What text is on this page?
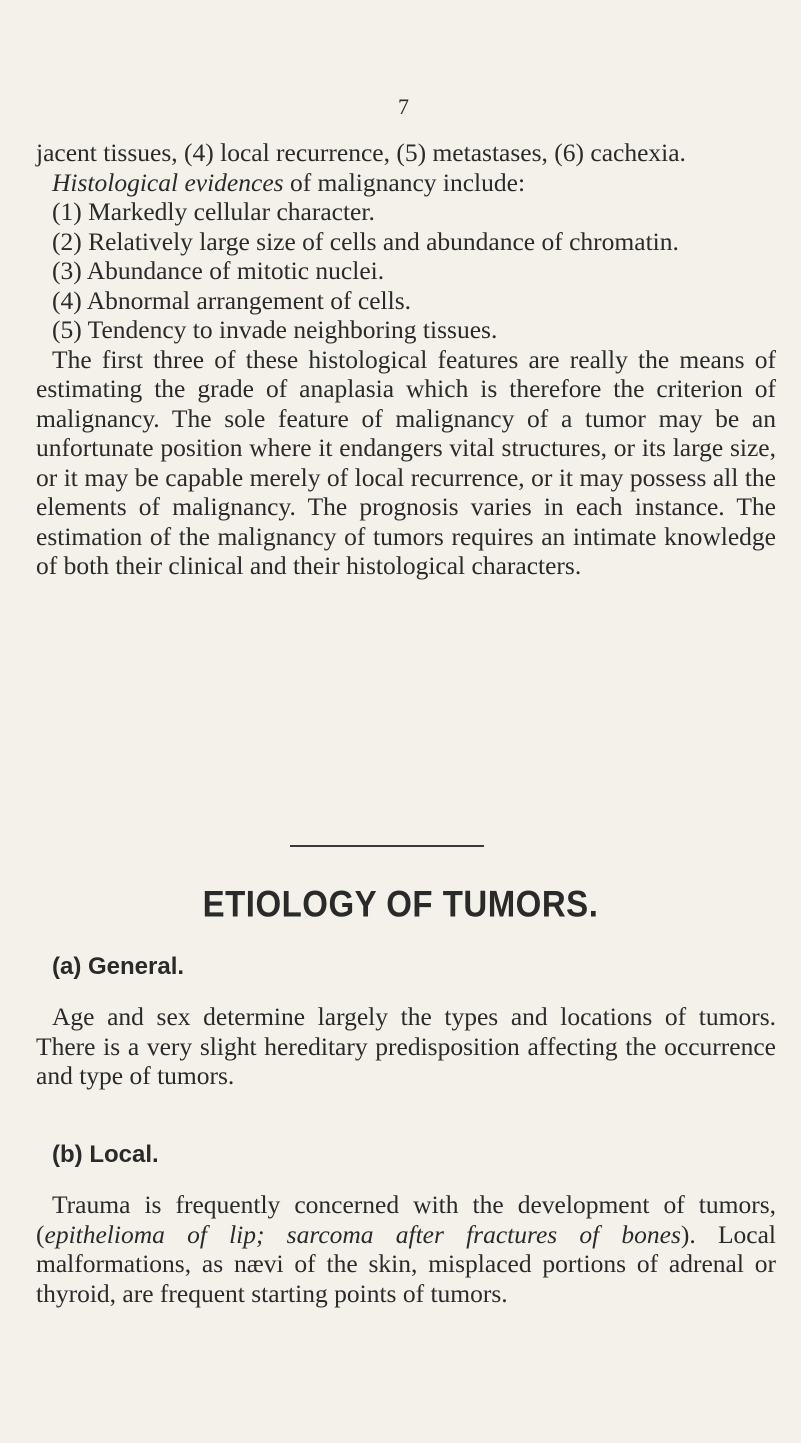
7

jacent tissues, (4) local recurrence, (5) metastases, (6) cachexia.

Histological evidences of malignancy include:

(1) Markedly cellular character.

(2) Relatively large size of cells and abundance of chromatin.

(3) Abundance of mitotic nuclei.

(4) Abnormal arrangement of cells.

(5) Tendency to invade neighboring tissues.

The first three of these histological features are really the means of estimating the grade of anaplasia which is therefore the criterion of malignancy. The sole feature of malignancy of a tumor may be an unfortunate position where it endangers vital structures, or its large size, or it may be capable merely of local recurrence, or it may possess all the elements of malignancy. The prognosis varies in each instance. The estimation of the malignancy of tumors requires an intimate knowledge of both their clinical and their histological characters.

ETIOLOGY OF TUMORS.
(a) General.

Age and sex determine largely the types and locations of tumors. There is a very slight hereditary predisposition affecting the occurrence and type of tumors.

(b) Local.

Trauma is frequently concerned with the development of tumors, (epithelioma of lip; sarcoma after fractures of bones). Local malformations, as nævi of the skin, misplaced portions of adrenal or thyroid, are frequent starting points of tumors.
